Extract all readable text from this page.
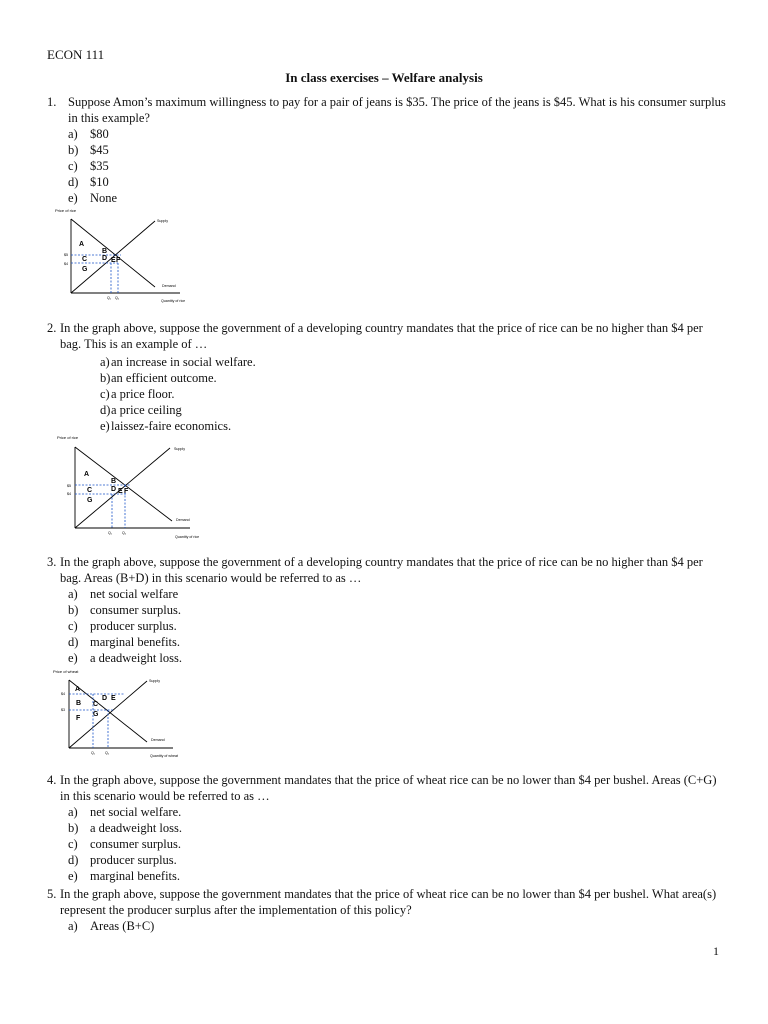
ECON 111
In class exercises – Welfare analysis
1. Suppose Amon’s maximum willingness to pay for a pair of jeans is $35. The price of the jeans is $45. What is his consumer surplus in this example?
a) $80
b) $45
c) $35
d) $10
e) None
Price of rice
Supply
Demand
Quantity of rice
$5
$4
Q₁ Q₂
A
B
C D E F
G
2. In the graph above, suppose the government of a developing country mandates that the price of rice can be no higher than $4 per bag. This is an example of …
a) an increase in social welfare.
b) an efficient outcome.
c) a price floor.
d) a price ceiling
e) laissez-faire economics.
Price of rice
Supply
Demand
Quantity of rice
$5
$4
Q₁	Q₂
A
B
C	D E F
G
3. In the graph above, suppose the government of a developing country mandates that the price of rice can be no higher than $4 per bag. Areas (B+D) in this scenario would be referred to as …
a) net social welfare
b) consumer surplus.
c) producer surplus.
d) marginal benefits.
e) a deadweight loss.
Price of wheat
Supply
Demand
Quantity of wheat
$4
$3
Q₁	Q₂
A
B C
D E
F
G
4. In the graph above, suppose the government mandates that the price of wheat rice can be no lower than $4 per bushel. Areas (C+G) in this scenario would be referred to as …
a) net social welfare.
b) a deadweight loss.
c) consumer surplus.
d) producer surplus.
e) marginal benefits.
5. In the graph above, suppose the government mandates that the price of wheat rice can be no lower than $4 per bushel. What area(s) represent the producer surplus after the implementation of this policy?
a) Areas (B+C)
1
